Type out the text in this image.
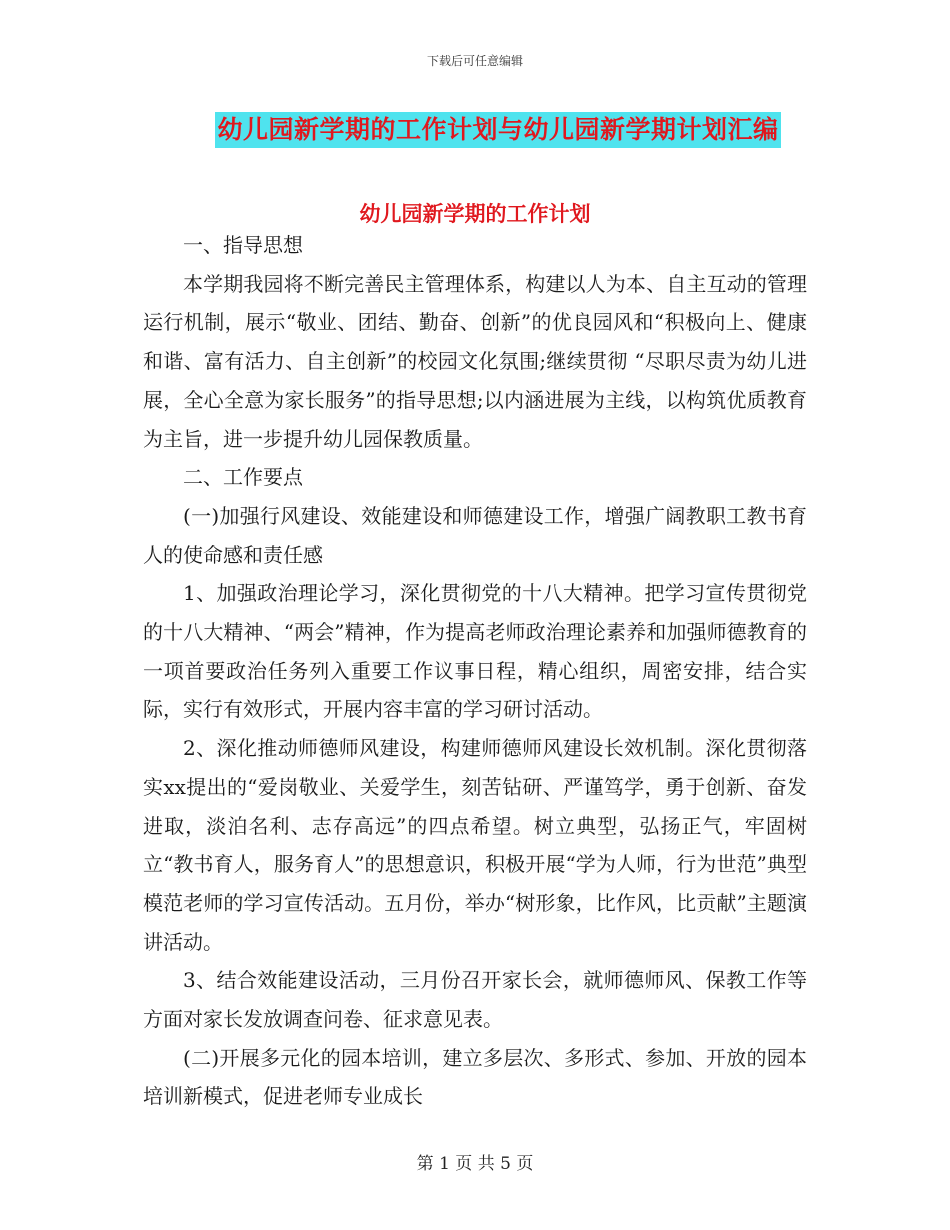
下载后可任意编辑
幼儿园新学期的工作计划与幼儿园新学期计划汇编
幼儿园新学期的工作计划

一、指导思想

本学期我园将不断完善民主管理体系，构建以人为本、自主互动的管理运行机制，展示“敬业、团结、勤奋、创新”的优良园风和“积极向上、健康和谐、富有活力、自主创新”的校园文化氛围;继续贯彻 “尽职尽责为幼儿进展，全心全意为家长服务”的指导思想;以内涵进展为主线，以构筑优质教育为主旨，进一步提升幼儿园保教质量。

二、工作要点

(一)加强行风建设、效能建设和师德建设工作，增强广阔教职工教书育人的使命感和责任感

1、加强政治理论学习，深化贯彻党的十八大精神。把学习宣传贯彻党的十八大精神、“两会”精神，作为提高老师政治理论素养和加强师德教育的一项首要政治任务列入重要工作议事日程，精心组织，周密安排，结合实际，实行有效形式，开展内容丰富的学习研讨活动。

2、深化推动师德师风建设，构建师德师风建设长效机制。深化贯彻落实xx提出的“爱岗敬业、关爱学生，刻苦钻研、严谨笃学，勇于创新、奋发进取，淡泊名利、志存高远”的四点希望。树立典型，弘扬正气，牢固树立“教书育人，服务育人”的思想意识，积极开展“学为人师，行为世范”典型模范老师的学习宣传活动。五月份，举办“树形象，比作风，比贡献”主题演讲活动。

3、结合效能建设活动，三月份召开家长会，就师德师风、保教工作等方面对家长发放调查问卷、征求意见表。

(二)开展多元化的园本培训，建立多层次、多形式、参加、开放的园本培训新模式，促进老师专业成长

第 1 页 共 5 页
